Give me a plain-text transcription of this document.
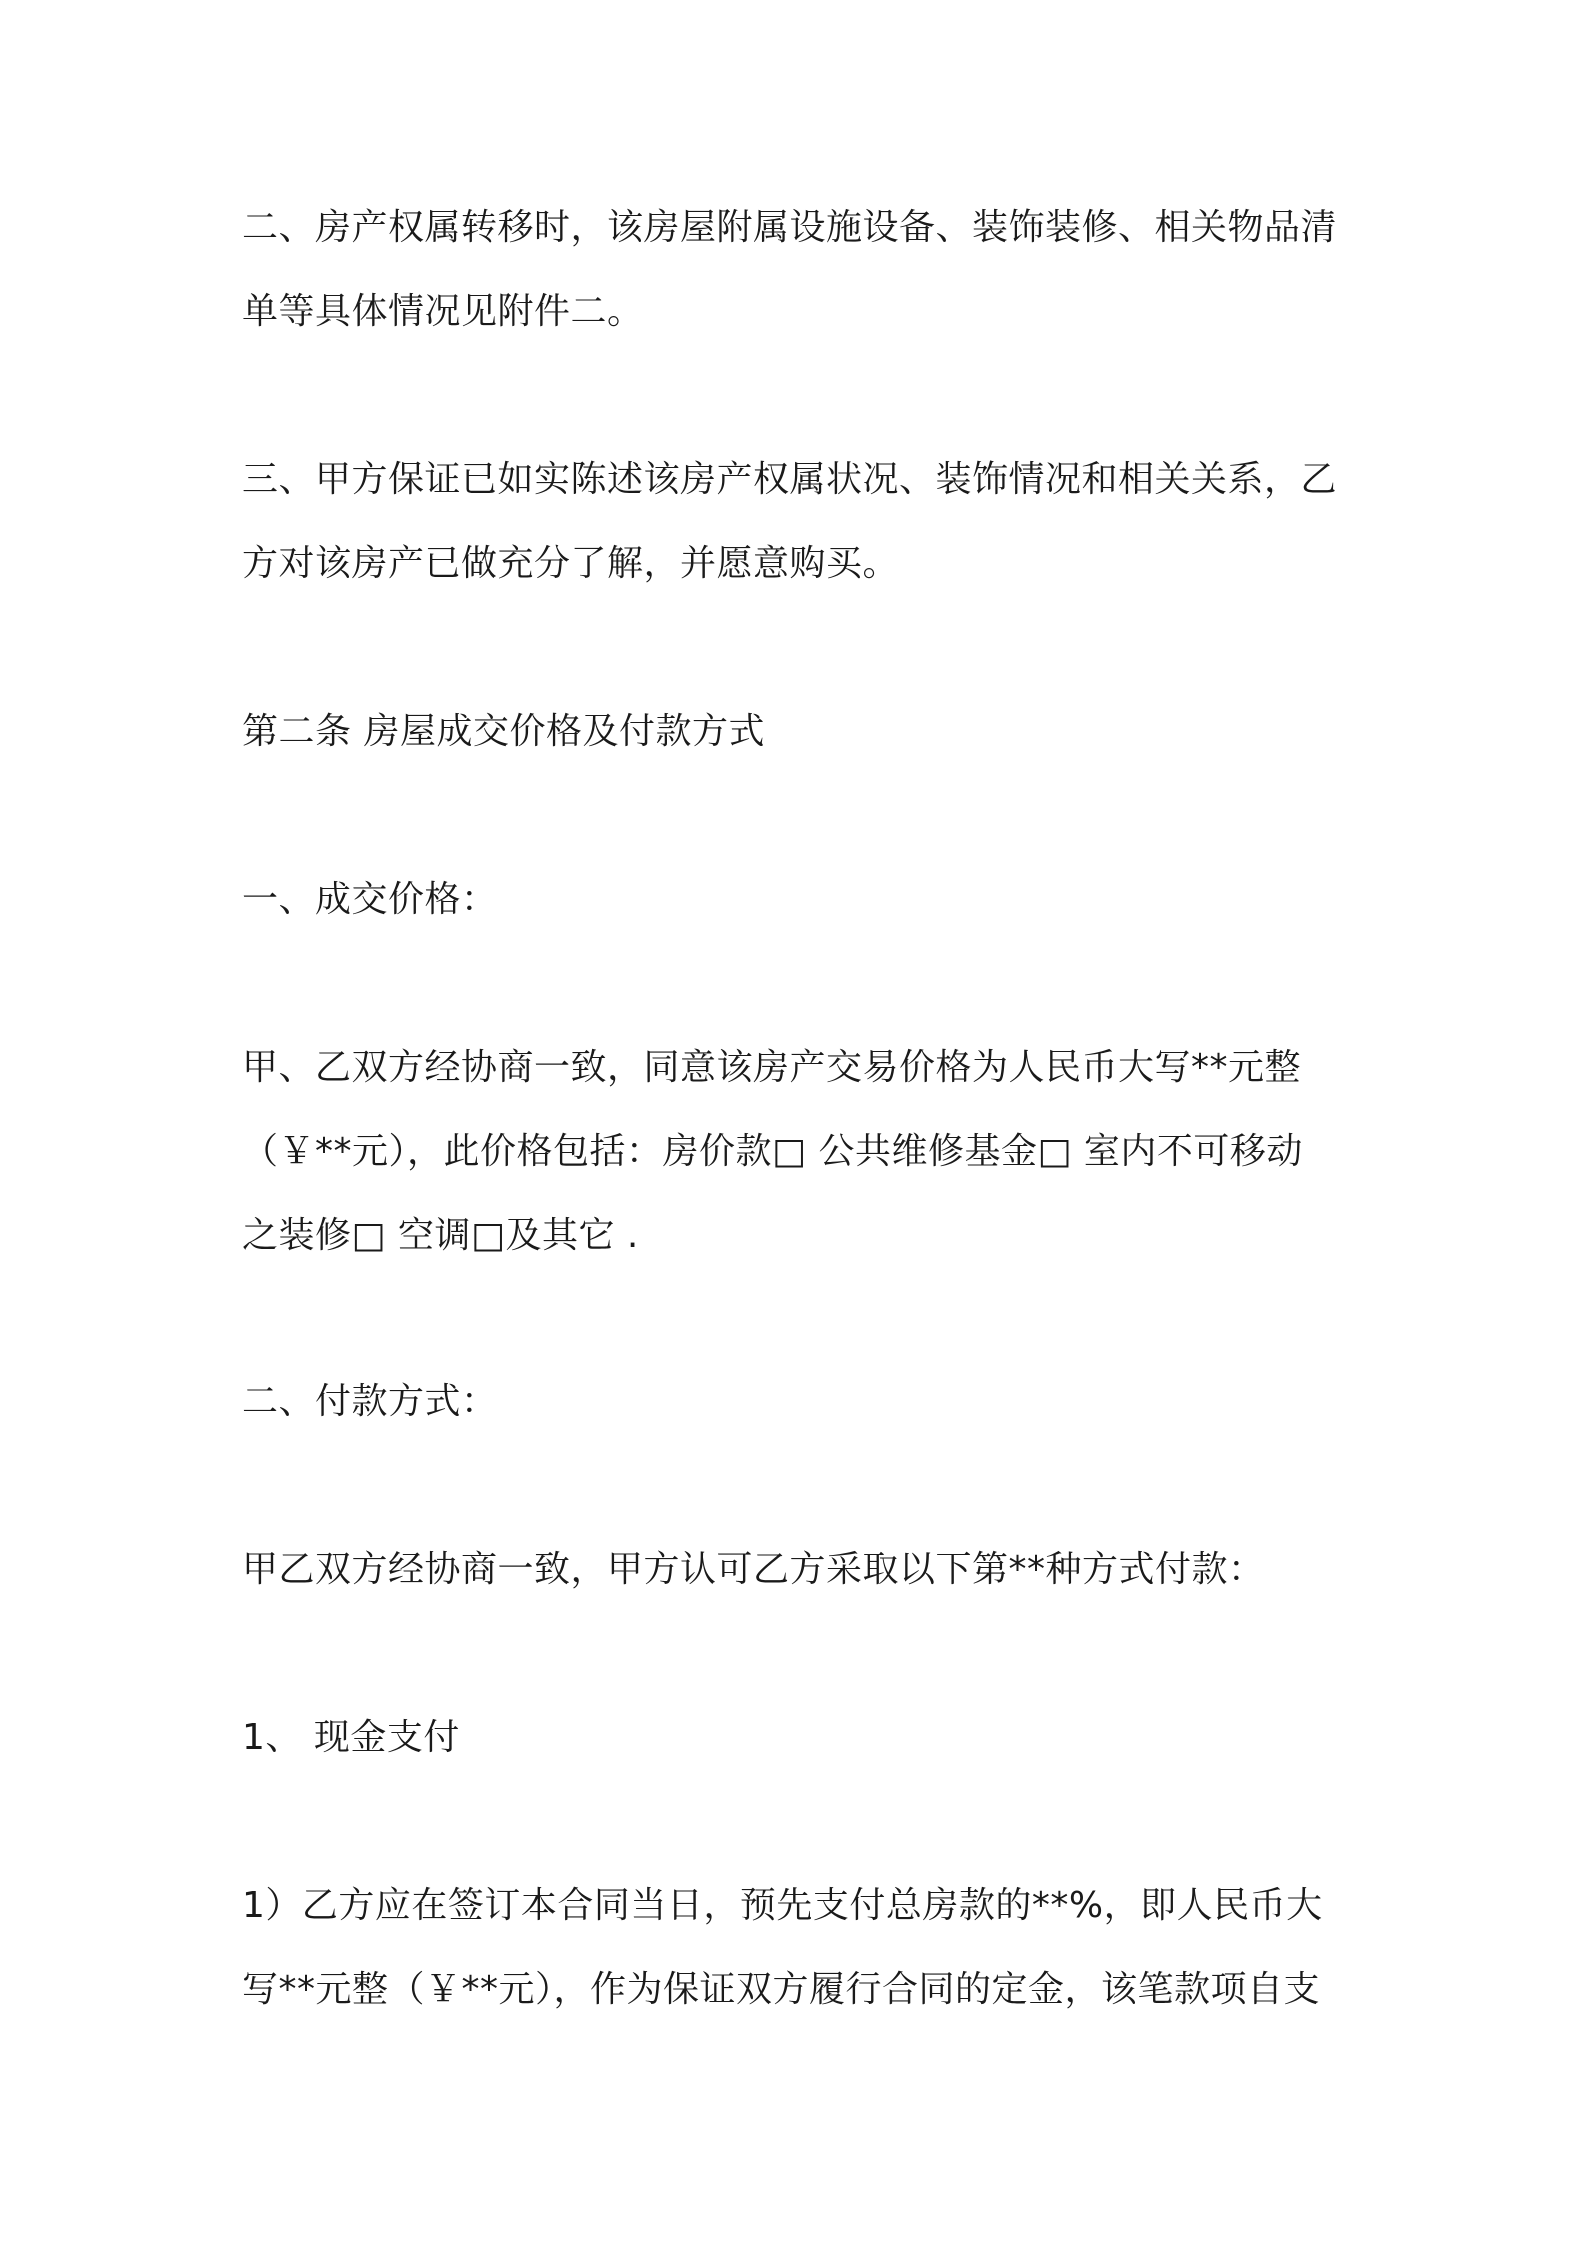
二、房产权属转移时，该房屋附属设施设备、装饰装修、相关物品清
单等具体情况见附件二。
三、甲方保证已如实陈述该房产权属状况、装饰情况和相关关系，乙
方对该房产已做充分了解，并愿意购买。
第二条 房屋成交价格及付款方式
一、成交价格：
甲、乙双方经协商一致，同意该房产交易价格为人民币大写**元整
（￥**元），此价格包括：房价款□ 公共维修基金□ 室内不可移动
之装修□ 空调□及其它 .
二、付款方式：
甲乙双方经协商一致，甲方认可乙方采取以下第**种方式付款：
1、 现金支付
1）乙方应在签订本合同当日，预先支付总房款的**%，即人民币大
写**元整（￥**元），作为保证双方履行合同的定金，该笔款项自支
